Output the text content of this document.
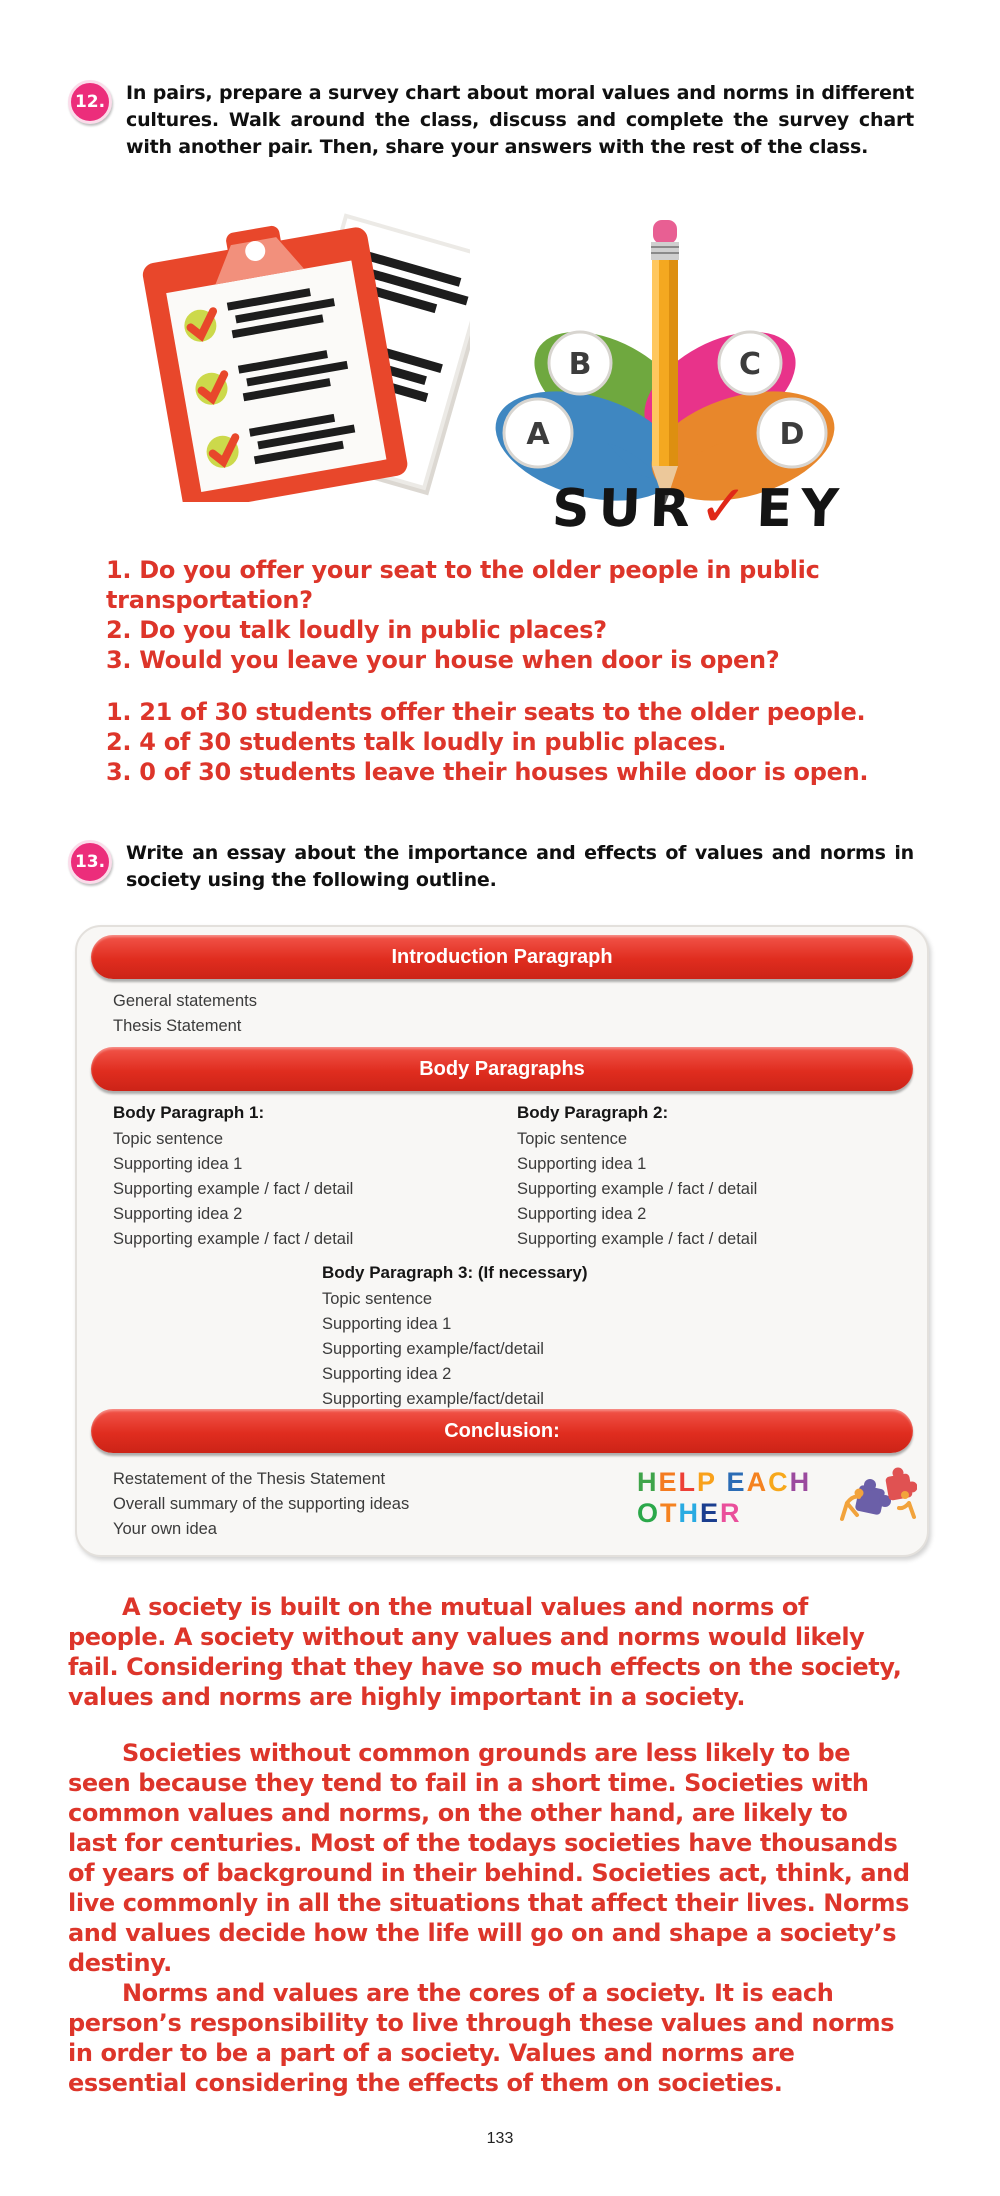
12.	In pairs, prepare a survey chart about moral values and norms in different cultures. Walk around the class, discuss and complete the survey chart with another pair. Then, share your answers with the rest of the class.
B	C
A	D
SUR✓EY
1. Do you offer your seat to the older people in public
transportation?
2. Do you talk loudly in public places?
3. Would you leave your house when door is open?
1. 21 of 30 students offer their seats to the older people.
2. 4 of 30 students talk loudly in public places.
3. 0 of 30 students leave their houses while door is open.
13.	Write an essay about the importance and effects of values and norms in society using the following outline.
Introduction Paragraph
General statements
Thesis Statement
Body Paragraphs
Body Paragraph 1:
Topic sentence
Supporting idea 1
Supporting example / fact / detail
Supporting idea 2
Supporting example / fact / detail
Body Paragraph 2:
Topic sentence
Supporting idea 1
Supporting example / fact / detail
Supporting idea 2
Supporting example / fact / detail
Body Paragraph 3: (If necessary)
Topic sentence
Supporting idea 1
Supporting example/fact/detail
Supporting idea 2
Supporting example/fact/detail
Conclusion:
Restatement of the Thesis Statement
Overall summary of the supporting ideas
Your own idea
HELP EACH
OTHER
A society is built on the mutual values and norms of
people. A society without any values and norms would likely
fail. Considering that they have so much effects on the society,
values and norms are highly important in a society.
Societies without common grounds are less likely to be
seen because they tend to fail in a short time. Societies with
common values and norms, on the other hand, are likely to
last for centuries. Most of the todays societies have thousands
of years of background in their behind. Societies act, think, and
live commonly in all the situations that affect their lives. Norms
and values decide how the life will go on and shape a society’s
destiny.
Norms and values are the cores of a society. It is each
person’s responsibility to live through these values and norms
in order to be a part of a society. Values and norms are
essential considering the effects of them on societies.
133
